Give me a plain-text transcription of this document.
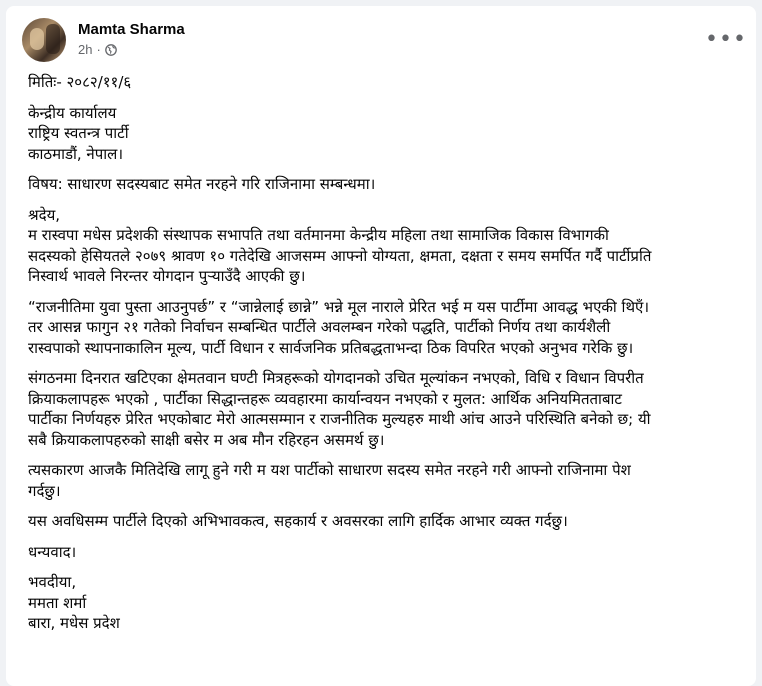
Mamta Sharma
2h ·	•••

मितिः- २०८२/११/६

केन्द्रीय कार्यालय
राष्ट्रिय स्वतन्त्र पार्टी
काठमाडौं, नेपाल।

विषय: साधारण सदस्यबाट समेत नरहने गरि राजिनामा सम्बन्धमा।

श्रदेय,

म रास्वपा मधेस प्रदेशकी संस्थापक सभापति तथा वर्तमानमा केन्द्रीय महिला तथा सामाजिक विकास विभागकी
सदस्यको हेसियतले २०७९ श्रावण १० गतेदेखि आजसम्म आफ्नो योग्यता, क्षमता, दक्षता र समय समर्पित गर्दै पार्टीप्रति
निस्वार्थ भावले निरन्तर योगदान पुर्‍याउँदै आएकी छु।

“राजनीतिमा युवा पुस्ता आउनुपर्छ” र “जान्नेलाई छान्ने” भन्ने मूल नाराले प्रेरित भई म यस पार्टीमा आवद्ध भएकी थिएँ।
तर आसन्न फागुन २१ गतेको निर्वाचन सम्बन्धित पार्टीले अवलम्बन गरेको पद्धति, पार्टीको निर्णय तथा कार्यशैली
रास्वपाको स्थापनाकालिन मूल्य, पार्टी विधान र सार्वजनिक प्रतिबद्धताभन्दा ठिक विपरित भएको अनुभव गरेकि छु।

संगठनमा दिनरात खटिएका क्षेमतवान घण्टी मित्रहरूको योगदानको उचित मूल्यांकन नभएको, विधि र विधान विपरीत
क्रियाकलापहरू भएको , पार्टीका सिद्धान्तहरू व्यवहारमा कार्यान्वयन नभएको र मुलत: आर्थिक अनियमितताबाट
पार्टीका निर्णयहरु प्रेरित भएकोबाट मेरो आत्मसम्मान र राजनीतिक मुल्यहरु माथी आंच आउने परिस्थिति बनेको छ; यी
सबै क्रियाकलापहरुको साक्षी बसेर म अब मौन रहिरहन असमर्थ छु।

त्यसकारण आजकै मितिदेखि लागू हुने गरी म यश पार्टीको साधारण सदस्य समेत नरहने गरी आफ्नो राजिनामा पेश
गर्दछु।

यस अवधिसम्म पार्टीले दिएको अभिभावकत्व, सहकार्य र अवसरका लागि हार्दिक आभार व्यक्त गर्दछु।

धन्यवाद।

भवदीया,
ममता शर्मा
बारा, मधेस प्रदेश
